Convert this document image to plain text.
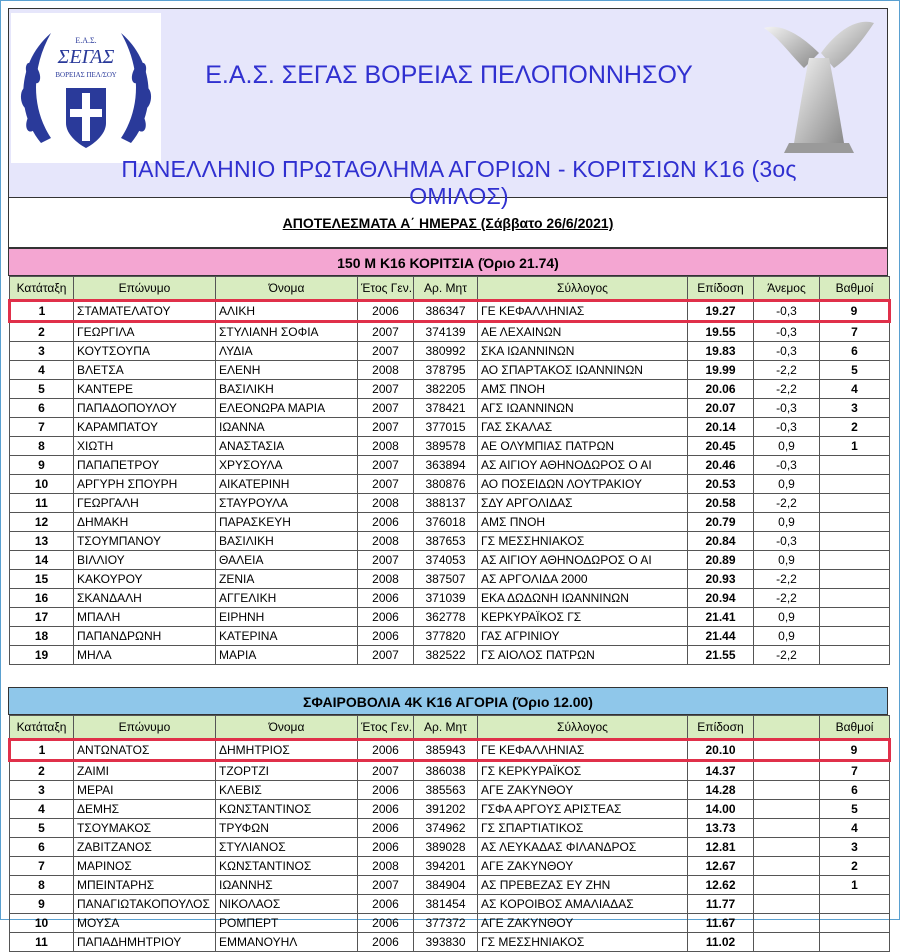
Ε.Α.Σ.
ΣΕΓΑΣ
ΒΟΡΕΙΑΣ ΠΕΛ/ΣΟΥ	Ε.Α.Σ. ΣΕΓΑΣ ΒΟΡΕΙΑΣ ΠΕΛΟΠΟΝΝΗΣΟΥ
ΠΑΝΕΛΛΗΝΙΟ ΠΡΩΤΑΘΛΗΜΑ ΑΓΟΡΙΩΝ - ΚΟΡΙΤΣΙΩΝ Κ16 (3ος ΟΜΙΛΟΣ)
ΑΠΟΤΕΛΕΣΜΑΤΑ Α΄ ΗΜΕΡΑΣ (Σάββατο 26/6/2021)
150 Μ Κ16 ΚΟΡΙΤΣΙΑ (Όριο 21.74)
Κατάταξη	Επώνυμο	Όνομα	Έτος Γεν.	Αρ. Μητ	Σύλλογος	Επίδοση	Άνεμος	Βαθμοί
1	ΣΤΑΜΑΤΕΛΑΤΟΥ	ΑΛΙΚΗ	2006	386347	ΓΕ ΚΕΦΑΛΛΗΝΙΑΣ	19.27	-0,3	9
2	ΓΕΩΡΓΙΛΑ	ΣΤΥΛΙΑΝΗ ΣΟΦΙΑ	2007	374139	ΑΕ ΛΕΧΑΙΝΩΝ	19.55	-0,3	7
3	ΚΟΥΤΣΟΥΠΑ	ΛΥΔΙΑ	2007	380992	ΣΚΑ ΙΩΑΝΝΙΝΩΝ	19.83	-0,3	6
4	ΒΛΕΤΣΑ	ΕΛΕΝΗ	2008	378795	ΑΟ ΣΠΑΡΤΑΚΟΣ ΙΩΑΝΝΙΝΩΝ	19.99	-2,2	5
5	ΚΑΝΤΕΡΕ	ΒΑΣΙΛΙΚΗ	2007	382205	ΑΜΣ ΠΝΟΗ	20.06	-2,2	4
6	ΠΑΠΑΔΟΠΟΥΛΟΥ	ΕΛΕΟΝΩΡΑ ΜΑΡΙΑ	2007	378421	ΑΓΣ ΙΩΑΝΝΙΝΩΝ	20.07	-0,3	3
7	ΚΑΡΑΜΠΑΤΟΥ	ΙΩΑΝΝΑ	2007	377015	ΓΑΣ ΣΚΑΛΑΣ	20.14	-0,3	2
8	ΧΙΩΤΗ	ΑΝΑΣΤΑΣΙΑ	2008	389578	ΑΕ ΟΛΥΜΠΙΑΣ ΠΑΤΡΩΝ	20.45	0,9	1
9	ΠΑΠΑΠΕΤΡΟΥ	ΧΡΥΣΟΥΛΑ	2007	363894	ΑΣ ΑΙΓΙΟΥ ΑΘΗΝΟΔΩΡΟΣ Ο ΑΙ	20.46	-0,3	
10	ΑΡΓΥΡΗ ΣΠΟΥΡΗ	ΑΙΚΑΤΕΡΙΝΗ	2007	380876	ΑΟ ΠΟΣΕΙΔΩΝ ΛΟΥΤΡΑΚΙΟΥ	20.53	0,9	
11	ΓΕΩΡΓΑΛΗ	ΣΤΑΥΡΟΥΛΑ	2008	388137	ΣΔΥ ΑΡΓΟΛΙΔΑΣ	20.58	-2,2	
12	ΔΗΜΑΚΗ	ΠΑΡΑΣΚΕΥΗ	2006	376018	ΑΜΣ ΠΝΟΗ	20.79	0,9	
13	ΤΣΟΥΜΠΑΝΟΥ	ΒΑΣΙΛΙΚΗ	2008	387653	ΓΣ ΜΕΣΣΗΝΙΑΚΟΣ	20.84	-0,3	
14	ΒΙΛΛΙΟΥ	ΘΑΛΕΙΑ	2007	374053	ΑΣ ΑΙΓΙΟΥ ΑΘΗΝΟΔΩΡΟΣ Ο ΑΙ	20.89	0,9	
15	ΚΑΚΟΥΡΟΥ	ΖΕΝΙΑ	2008	387507	ΑΣ ΑΡΓΟΛΙΔΑ 2000	20.93	-2,2	
16	ΣΚΑΝΔΑΛΗ	ΑΓΓΕΛΙΚΗ	2006	371039	ΕΚΑ ΔΩΔΩΝΗ ΙΩΑΝΝΙΝΩΝ	20.94	-2,2	
17	ΜΠΑΛΗ	ΕΙΡΗΝΗ	2006	362778	ΚΕΡΚΥΡΑΪΚΟΣ ΓΣ	21.41	0,9	
18	ΠΑΠΑΝΔΡΩΝΗ	ΚΑΤΕΡΙΝΑ	2006	377820	ΓΑΣ ΑΓΡΙΝΙΟΥ	21.44	0,9	
19	ΜΗΛΑ	ΜΑΡΙΑ	2007	382522	ΓΣ ΑΙΟΛΟΣ ΠΑΤΡΩΝ	21.55	-2,2	
ΣΦΑΙΡΟΒΟΛΙΑ 4Κ Κ16 ΑΓΟΡΙΑ (Όριο 12.00)
Κατάταξη	Επώνυμο	Όνομα	Έτος Γεν.	Αρ. Μητ	Σύλλογος	Επίδοση		Βαθμοί
1	ΑΝΤΩΝΑΤΟΣ	ΔΗΜΗΤΡΙΟΣ	2006	385943	ΓΕ ΚΕΦΑΛΛΗΝΙΑΣ	20.10		9
2	ΖΑΙΜΙ	ΤΖΟΡΤΖΙ	2007	386038	ΓΣ ΚΕΡΚΥΡΑΪΚΟΣ	14.37		7
3	ΜΕΡΑΙ	ΚΛΕΒΙΣ	2006	385563	ΑΓΕ ΖΑΚΥΝΘΟΥ	14.28		6
4	ΔΕΜΗΣ	ΚΩΝΣΤΑΝΤΙΝΟΣ	2006	391202	ΓΣΦΑ ΑΡΓΟΥΣ ΑΡΙΣΤΕΑΣ	14.00		5
5	ΤΣΟΥΜΑΚΟΣ	ΤΡΥΦΩΝ	2006	374962	ΓΣ ΣΠΑΡΤΙΑΤΙΚΟΣ	13.73		4
6	ΖΑΒΙΤΖΑΝΟΣ	ΣΤΥΛΙΑΝΟΣ	2006	389028	ΑΣ ΛΕΥΚΑΔΑΣ ΦΙΛΑΝΔΡΟΣ	12.81		3
7	ΜΑΡΙΝΟΣ	ΚΩΝΣΤΑΝΤΙΝΟΣ	2008	394201	ΑΓΕ ΖΑΚΥΝΘΟΥ	12.67		2
8	ΜΠΕΙΝΤΑΡΗΣ	ΙΩΑΝΝΗΣ	2007	384904	ΑΣ ΠΡΕΒΕΖΑΣ ΕΥ ΖΗΝ	12.62		1
9	ΠΑΝΑΓΙΩΤΑΚΟΠΟΥΛΟΣ	ΝΙΚΟΛΑΟΣ	2006	381454	ΑΣ ΚΟΡΟΙΒΟΣ ΑΜΑΛΙΑΔΑΣ	11.77		
10	ΜΟΥΣΑ	ΡΟΜΠΕΡΤ	2006	377372	ΑΓΕ ΖΑΚΥΝΘΟΥ	11.67		
11	ΠΑΠΑΔΗΜΗΤΡΙΟΥ	ΕΜΜΑΝΟΥΗΛ	2006	393830	ΓΣ ΜΕΣΣΗΝΙΑΚΟΣ	11.02		
